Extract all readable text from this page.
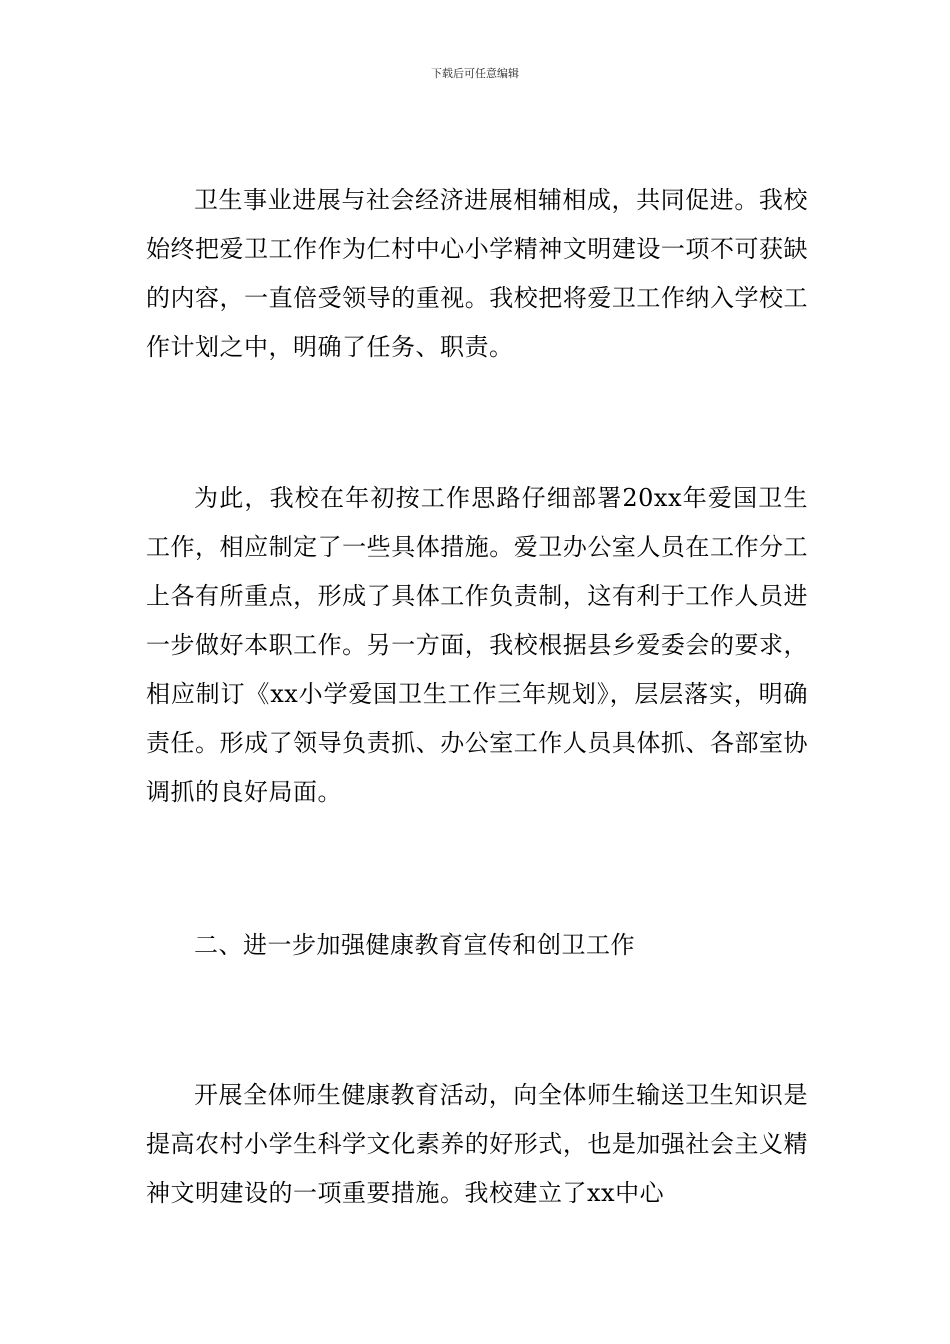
下载后可任意编辑

卫生事业进展与社会经济进展相辅相成，共同促进。我校始终把爱卫工作作为仁村中心小学精神文明建设一项不可获缺的内容，一直倍受领导的重视。我校把将爱卫工作纳入学校工作计划之中，明确了任务、职责。

为此，我校在年初按工作思路仔细部署20xx年爱国卫生工作，相应制定了一些具体措施。爱卫办公室人员在工作分工上各有所重点，形成了具体工作负责制，这有利于工作人员进一步做好本职工作。另一方面，我校根据县乡爱委会的要求，相应制订《xx小学爱国卫生工作三年规划》，层层落实，明确责任。形成了领导负责抓、办公室工作人员具体抓、各部室协调抓的良好局面。

二、进一步加强健康教育宣传和创卫工作

开展全体师生健康教育活动，向全体师生输送卫生知识是提高农村小学生科学文化素养的好形式，也是加强社会主义精神文明建设的一项重要措施。我校建立了xx中心
